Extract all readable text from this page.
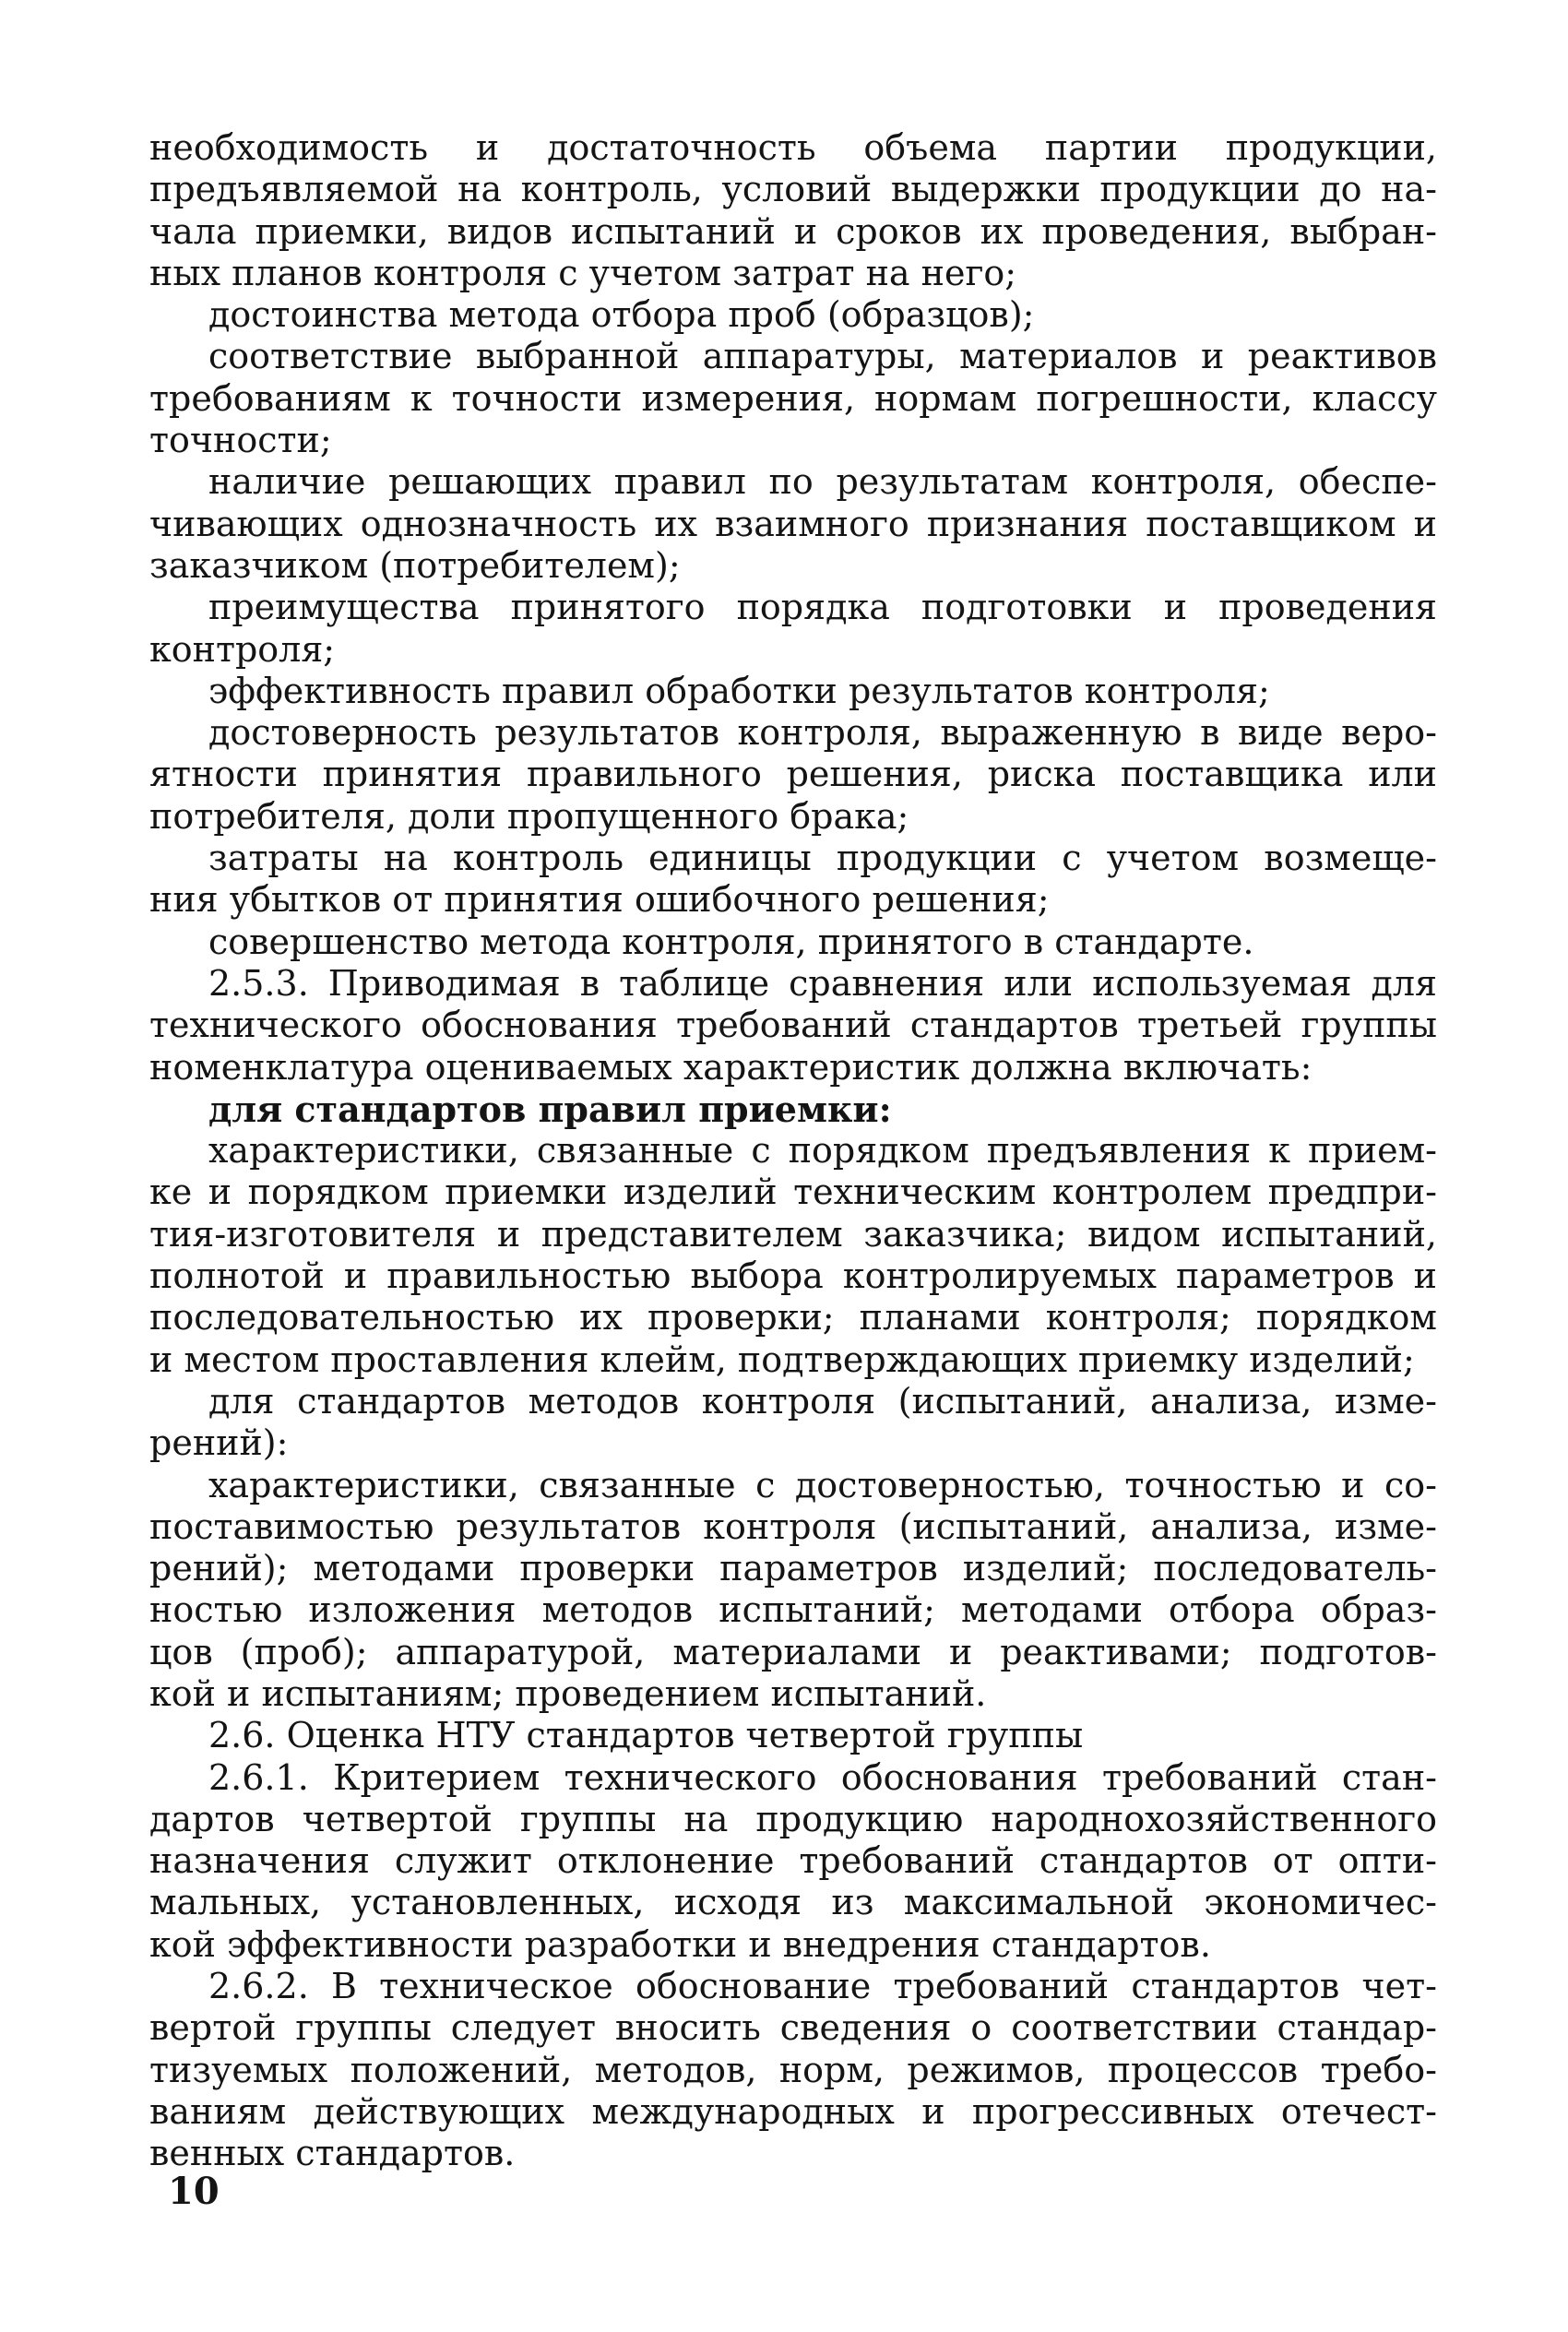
необходимость и достаточность объема партии продукции,
предъявляемой на контроль, условий выдержки продукции до на-
чала приемки, видов испытаний и сроков их проведения, выбран-
ных планов контроля с учетом затрат на него;
достоинства метода отбора проб (образцов);
соответствие выбранной аппаратуры, материалов и реактивов
требованиям к точности измерения, нормам погрешности, классу
точности;
наличие решающих правил по результатам контроля, обеспе-
чивающих однозначность их взаимного признания поставщиком и
заказчиком (потребителем);
преимущества принятого порядка подготовки и проведения
контроля;
эффективность правил обработки результатов контроля;
достоверность результатов контроля, выраженную в виде веро-
ятности принятия правильного решения, риска поставщика или
потребителя, доли пропущенного брака;
затраты на контроль единицы продукции с учетом возмеще-
ния убытков от принятия ошибочного решения;
совершенство метода контроля, принятого в стандарте.
2.5.3. Приводимая в таблице сравнения или используемая для
технического обоснования требований стандартов третьей группы
номенклатура оцениваемых характеристик должна включать:
для стандартов правил приемки:
характеристики, связанные с порядком предъявления к прием-
ке и порядком приемки изделий техническим контролем предпри-
тия-изготовителя и представителем заказчика; видом испытаний,
полнотой и правильностью выбора контролируемых параметров и
последовательностью их проверки; планами контроля; порядком
и местом проставления клейм, подтверждающих приемку изделий;
для стандартов методов контроля (испытаний, анализа, изме-
рений):
характеристики, связанные с достоверностью, точностью и со-
поставимостью результатов контроля (испытаний, анализа, изме-
рений); методами проверки параметров изделий; последователь-
ностью изложения методов испытаний; методами отбора образ-
цов (проб); аппаратурой, материалами и реактивами; подготов-
кой и испытаниям; проведением испытаний.
2.6. Оценка НТУ стандартов четвертой группы
2.6.1. Критерием технического обоснования требований стан-
дартов четвертой группы на продукцию народнохозяйственного
назначения служит отклонение требований стандартов от опти-
мальных, установленных, исходя из максимальной экономичес-
кой эффективности разработки и внедрения стандартов.
2.6.2. В техническое обоснование требований стандартов чет-
вертой группы следует вносить сведения о соответствии стандар-
тизуемых положений, методов, норм, режимов, процессов требо-
ваниям действующих международных и прогрессивных отечест-
венных стандартов.
10
